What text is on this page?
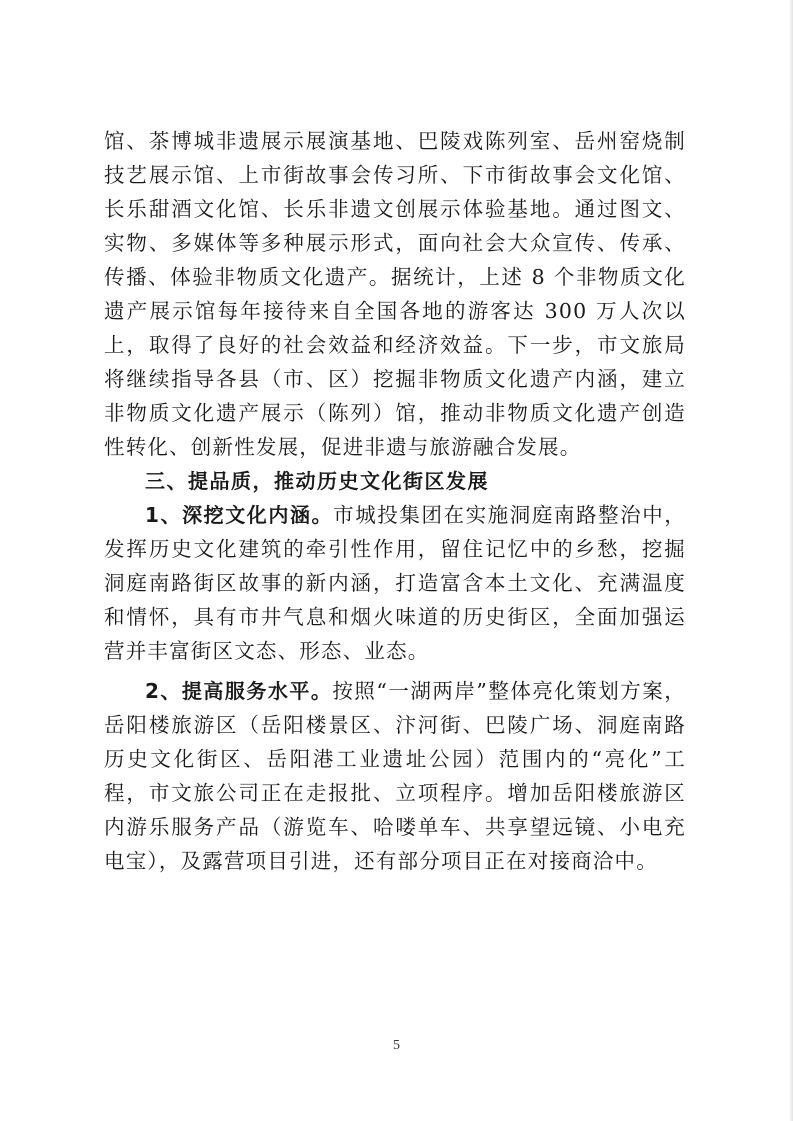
馆、茶博城非遗展示展演基地、巴陵戏陈列室、岳州窑烧制技艺展示馆、上市街故事会传习所、下市街故事会文化馆、长乐甜酒文化馆、长乐非遗文创展示体验基地。通过图文、实物、多媒体等多种展示形式，面向社会大众宣传、传承、传播、体验非物质文化遗产。据统计，上述 8 个非物质文化遗产展示馆每年接待来自全国各地的游客达 300 万人次以上，取得了良好的社会效益和经济效益。下一步，市文旅局将继续指导各县（市、区）挖掘非物质文化遗产内涵，建立非物质文化遗产展示（陈列）馆，推动非物质文化遗产创造性转化、创新性发展，促进非遗与旅游融合发展。

三、提品质，推动历史文化街区发展

1、深挖文化内涵。市城投集团在实施洞庭南路整治中，发挥历史文化建筑的牵引性作用，留住记忆中的乡愁，挖掘洞庭南路街区故事的新内涵，打造富含本土文化、充满温度和情怀，具有市井气息和烟火味道的历史街区，全面加强运营并丰富街区文态、形态、业态。

2、提高服务水平。按照“一湖两岸”整体亮化策划方案，岳阳楼旅游区（岳阳楼景区、汴河街、巴陵广场、洞庭南路历史文化街区、岳阳港工业遗址公园）范围内的“亮化”工程，市文旅公司正在走报批、立项程序。增加岳阳楼旅游区内游乐服务产品（游览车、哈喽单车、共享望远镜、小电充电宝），及露营项目引进，还有部分项目正在对接商洽中。

5
